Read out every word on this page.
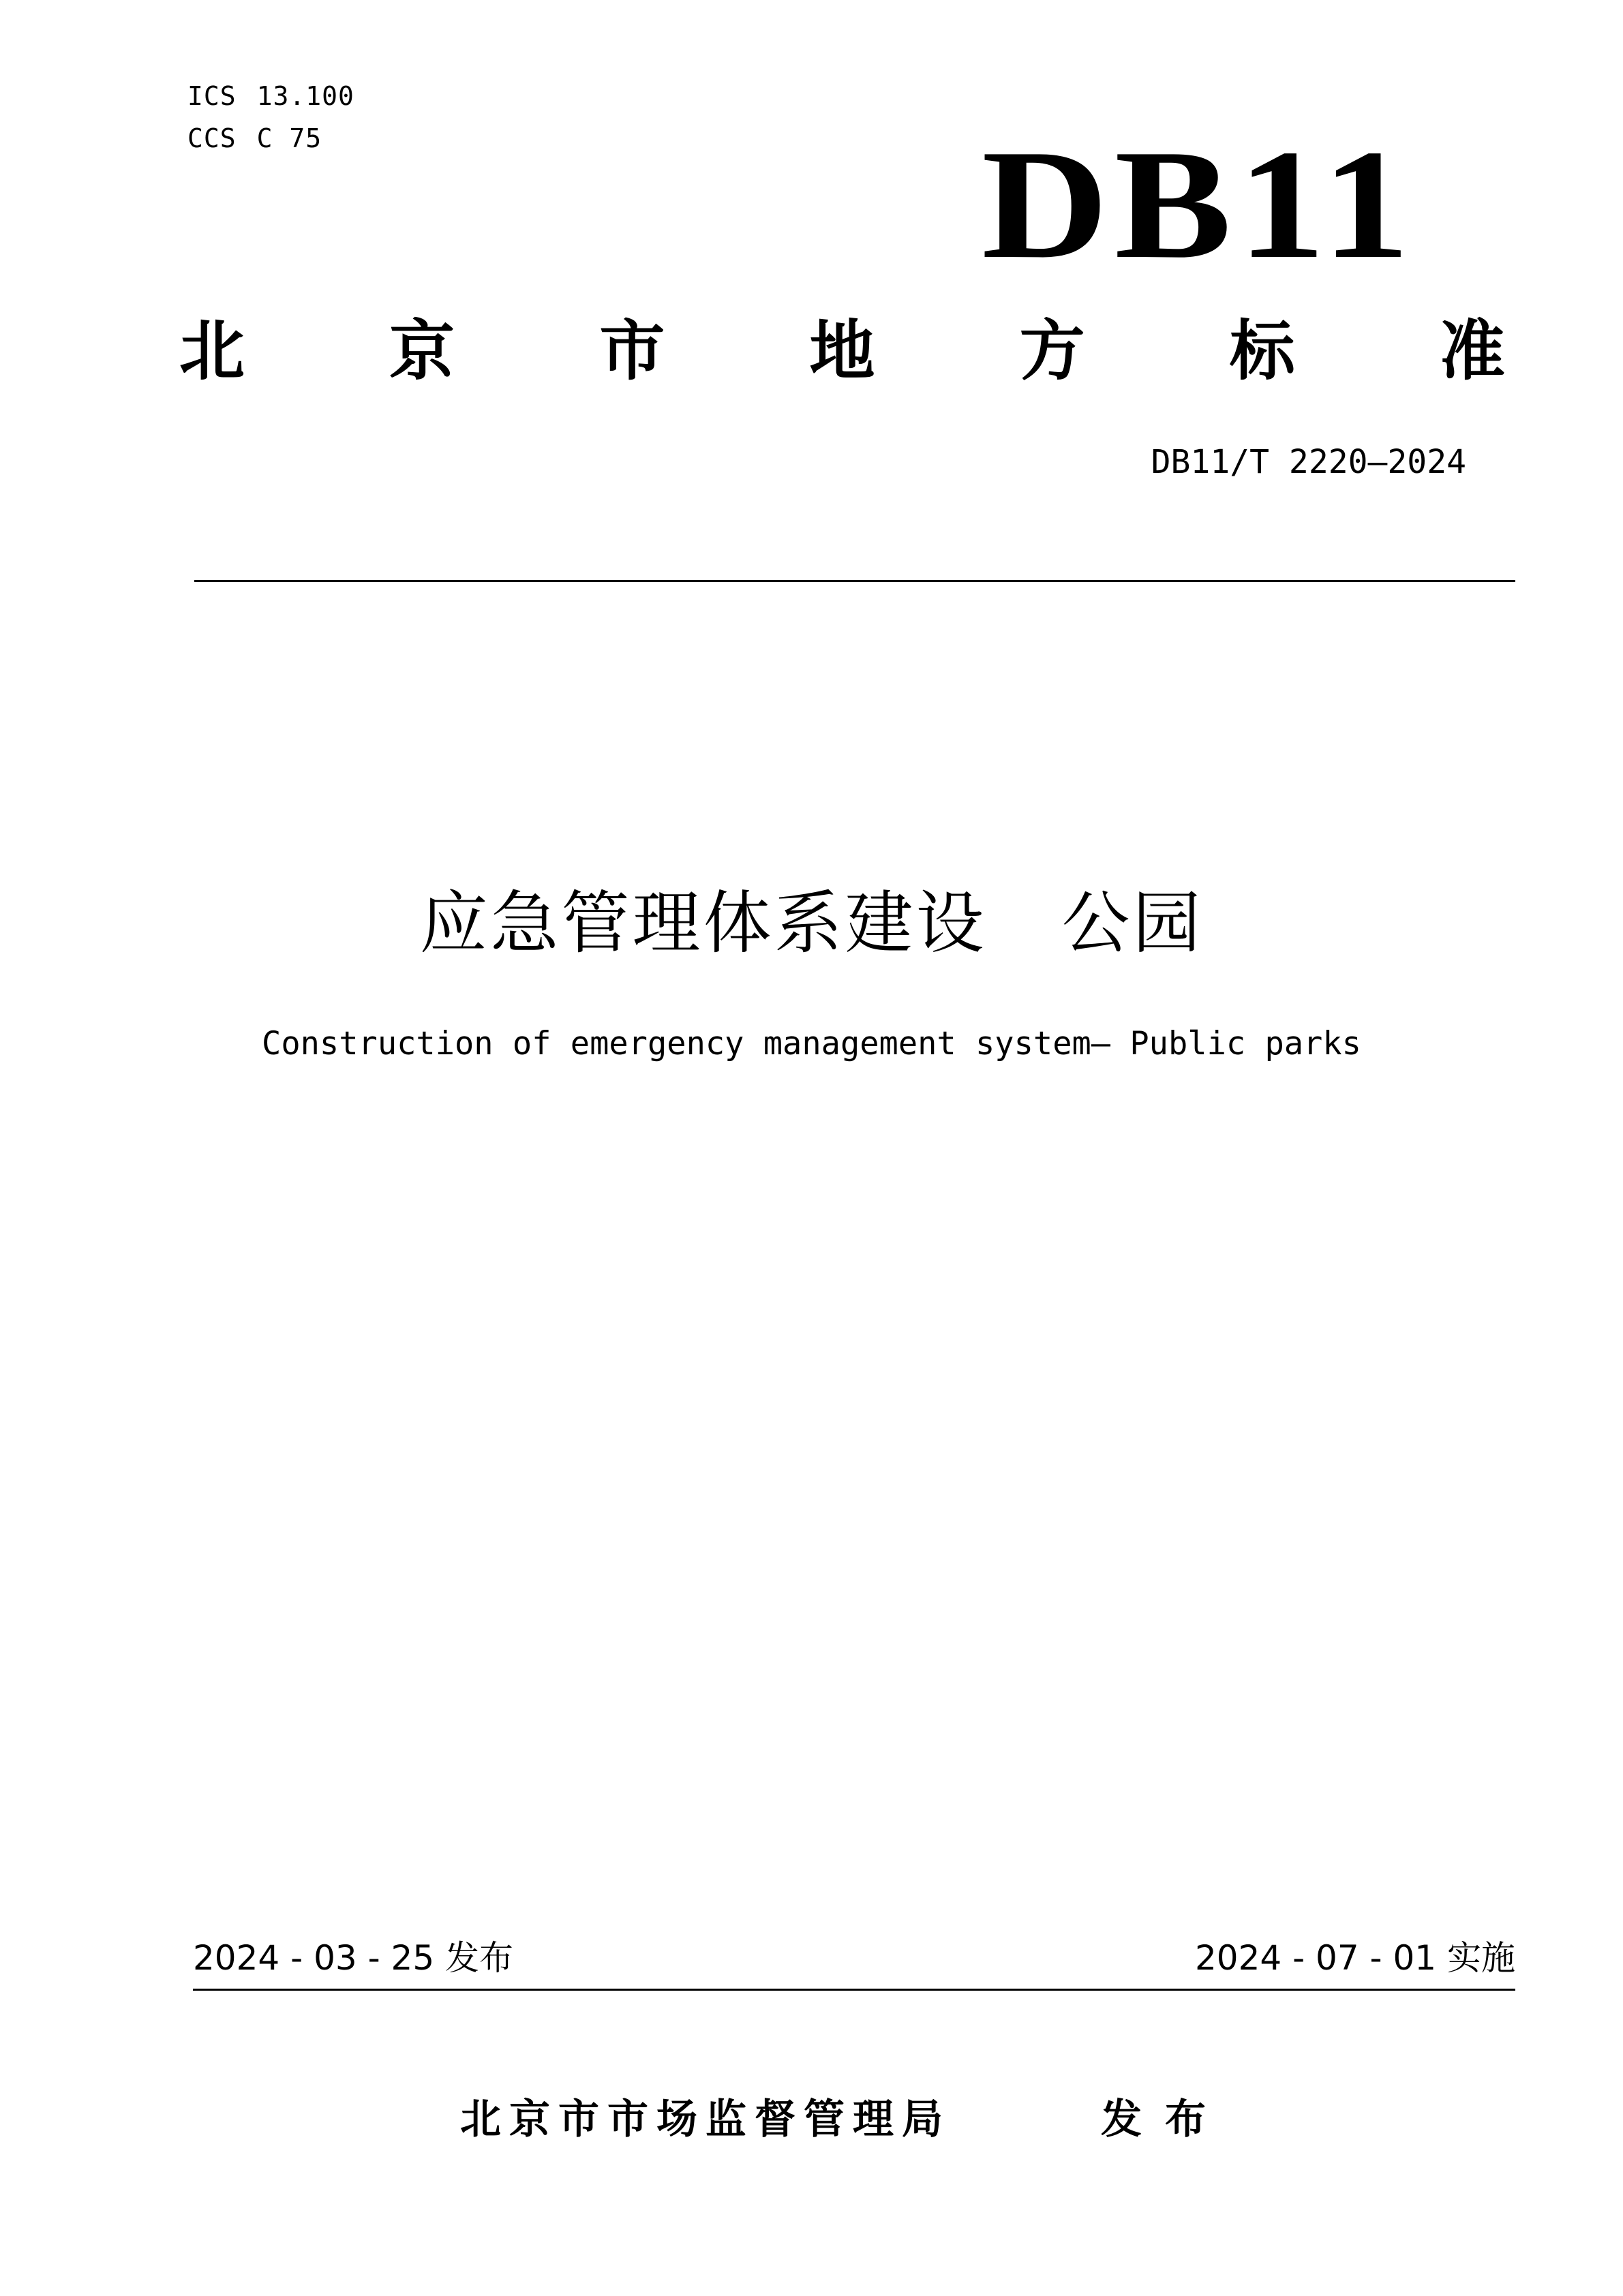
ICS 13.100
CCS C 75	DB11
北 京 市 地 方 标 准
DB11/T 2220—2024
应急管理体系建设 公园
Construction of emergency management system— Public parks
2024 - 03 - 25 发布	2024 - 07 - 01 实施
北京市市场监督管理局	发布
